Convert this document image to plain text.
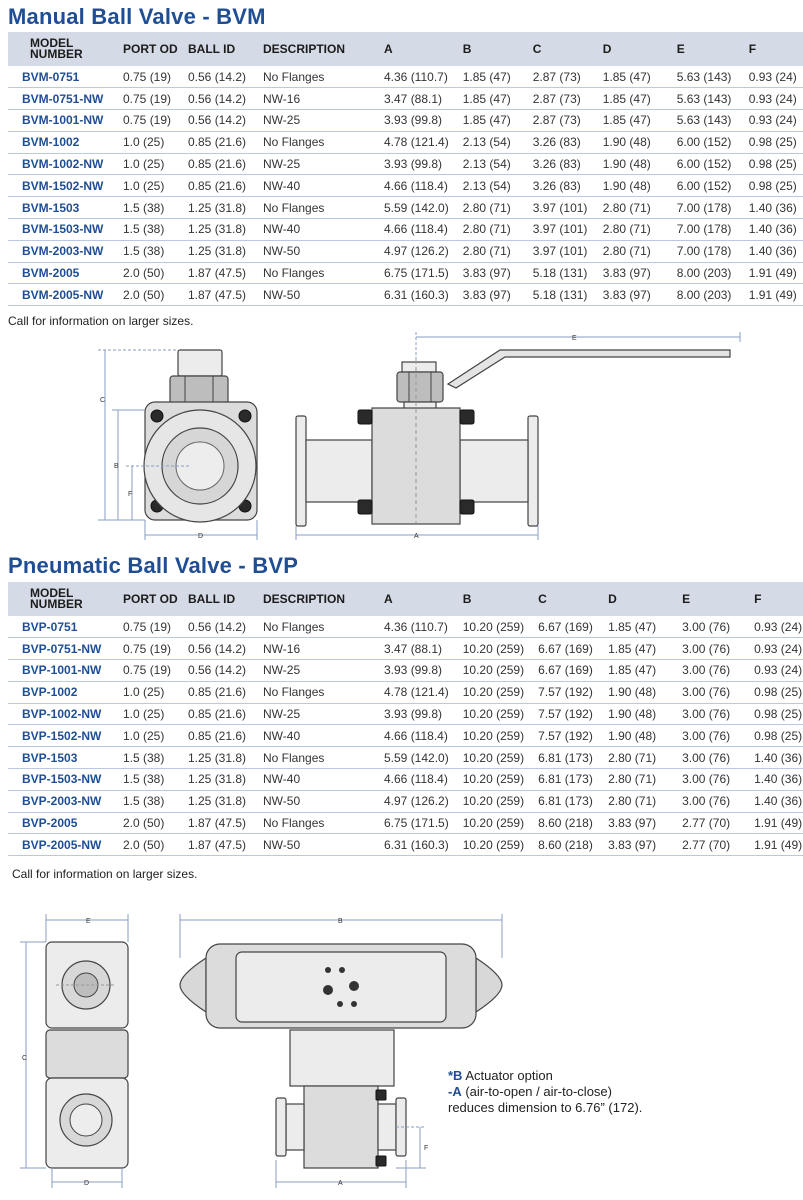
Manual Ball Valve - BVM
MODEL NUMBER	PORT OD	BALL ID	DESCRIPTION	A	B	C	D	E	F
BVM-0751	0.75 (19)	0.56 (14.2)	No Flanges	4.36 (110.7)	1.85 (47)	2.87 (73)	1.85 (47)	5.63 (143)	0.93 (24)
BVM-0751-NW	0.75 (19)	0.56 (14.2)	NW-16	3.47 (88.1)	1.85 (47)	2.87 (73)	1.85 (47)	5.63 (143)	0.93 (24)
BVM-1001-NW	0.75 (19)	0.56 (14.2)	NW-25	3.93 (99.8)	1.85 (47)	2.87 (73)	1.85 (47)	5.63 (143)	0.93 (24)
BVM-1002	1.0 (25)	0.85 (21.6)	No Flanges	4.78 (121.4)	2.13 (54)	3.26 (83)	1.90 (48)	6.00 (152)	0.98 (25)
BVM-1002-NW	1.0 (25)	0.85 (21.6)	NW-25	3.93 (99.8)	2.13 (54)	3.26 (83)	1.90 (48)	6.00 (152)	0.98 (25)
BVM-1502-NW	1.0 (25)	0.85 (21.6)	NW-40	4.66 (118.4)	2.13 (54)	3.26 (83)	1.90 (48)	6.00 (152)	0.98 (25)
BVM-1503	1.5 (38)	1.25 (31.8)	No Flanges	5.59 (142.0)	2.80 (71)	3.97 (101)	2.80 (71)	7.00 (178)	1.40 (36)
BVM-1503-NW	1.5 (38)	1.25 (31.8)	NW-40	4.66 (118.4)	2.80 (71)	3.97 (101)	2.80 (71)	7.00 (178)	1.40 (36)
BVM-2003-NW	1.5 (38)	1.25 (31.8)	NW-50	4.97 (126.2)	2.80 (71)	3.97 (101)	2.80 (71)	7.00 (178)	1.40 (36)
BVM-2005	2.0 (50)	1.87 (47.5)	No Flanges	6.75 (171.5)	3.83 (97)	5.18 (131)	3.83 (97)	8.00 (203)	1.91 (49)
BVM-2005-NW	2.0 (50)	1.87 (47.5)	NW-50	6.31 (160.3)	3.83 (97)	5.18 (131)	3.83 (97)	8.00 (203)	1.91 (49)
Call for information on larger sizes.
C
B
F
D
E
A
Pneumatic Ball Valve - BVP
MODEL NUMBER	PORT OD	BALL ID	DESCRIPTION	A	B	C	D	E	F
BVP-0751	0.75 (19)	0.56 (14.2)	No Flanges	4.36 (110.7)	10.20 (259)	6.67 (169)	1.85 (47)	3.00 (76)	0.93 (24)
BVP-0751-NW	0.75 (19)	0.56 (14.2)	NW-16	3.47 (88.1)	10.20 (259)	6.67 (169)	1.85 (47)	3.00 (76)	0.93 (24)
BVP-1001-NW	0.75 (19)	0.56 (14.2)	NW-25	3.93 (99.8)	10.20 (259)	6.67 (169)	1.85 (47)	3.00 (76)	0.93 (24)
BVP-1002	1.0 (25)	0.85 (21.6)	No Flanges	4.78 (121.4)	10.20 (259)	7.57 (192)	1.90 (48)	3.00 (76)	0.98 (25)
BVP-1002-NW	1.0 (25)	0.85 (21.6)	NW-25	3.93 (99.8)	10.20 (259)	7.57 (192)	1.90 (48)	3.00 (76)	0.98 (25)
BVP-1502-NW	1.0 (25)	0.85 (21.6)	NW-40	4.66 (118.4)	10.20 (259)	7.57 (192)	1.90 (48)	3.00 (76)	0.98 (25)
BVP-1503	1.5 (38)	1.25 (31.8)	No Flanges	5.59 (142.0)	10.20 (259)	6.81 (173)	2.80 (71)	3.00 (76)	1.40 (36)
BVP-1503-NW	1.5 (38)	1.25 (31.8)	NW-40	4.66 (118.4)	10.20 (259)	6.81 (173)	2.80 (71)	3.00 (76)	1.40 (36)
BVP-2003-NW	1.5 (38)	1.25 (31.8)	NW-50	4.97 (126.2)	10.20 (259)	6.81 (173)	2.80 (71)	3.00 (76)	1.40 (36)
BVP-2005	2.0 (50)	1.87 (47.5)	No Flanges	6.75 (171.5)	10.20 (259)	8.60 (218)	3.83 (97)	2.77 (70)	1.91 (49)
BVP-2005-NW	2.0 (50)	1.87 (47.5)	NW-50	6.31 (160.3)	10.20 (259)	8.60 (218)	3.83 (97)	2.77 (70)	1.91 (49)
Call for information on larger sizes.
E
C
D
B
A
F
*B Actuator option
-A (air-to-open / air-to-close)
reduces dimension to 6.76” (172).
